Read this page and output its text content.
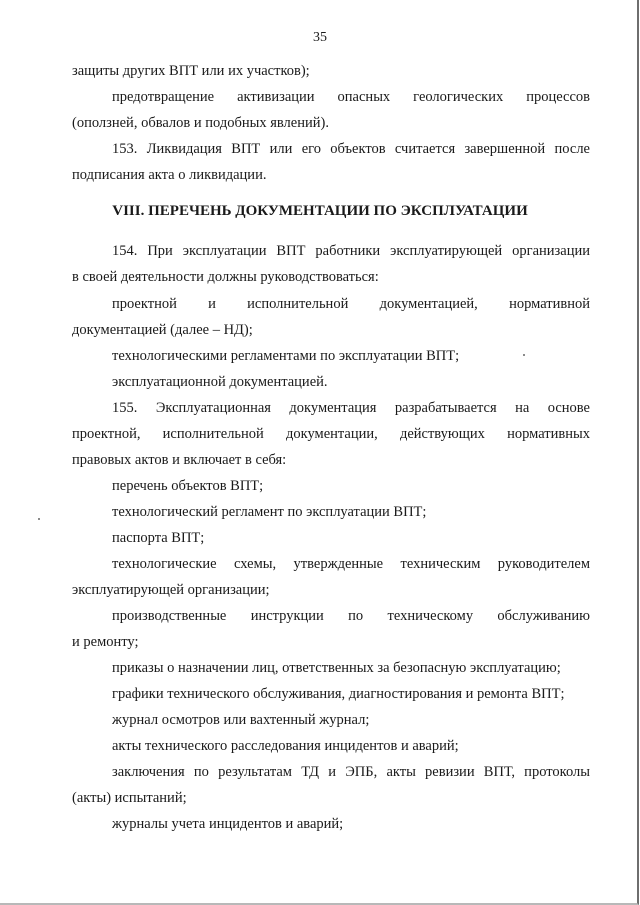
35
защиты других ВПТ или их участков);
предотвращение активизации опасных геологических процессов
(оползней, обвалов и подобных явлений).
153. Ликвидация ВПТ или его объектов считается завершенной после
подписания акта о ликвидации.
VIII. ПЕРЕЧЕНЬ ДОКУМЕНТАЦИИ ПО ЭКСПЛУАТАЦИИ
154. При эксплуатации ВПТ работники эксплуатирующей организации
в своей деятельности должны руководствоваться:
проектной и исполнительной документацией, нормативной
документацией (далее – НД);
технологическими регламентами по эксплуатации ВПТ;
эксплуатационной документацией.
155. Эксплуатационная документация разрабатывается на основе
проектной, исполнительной документации, действующих нормативных
правовых актов и включает в себя:
перечень объектов ВПТ;
технологический регламент по эксплуатации ВПТ;
паспорта ВПТ;
технологические схемы, утвержденные техническим руководителем
эксплуатирующей организации;
производственные инструкции по техническому обслуживанию
и ремонту;
приказы о назначении лиц, ответственных за безопасную эксплуатацию;
графики технического обслуживания, диагностирования и ремонта ВПТ;
журнал осмотров или вахтенный журнал;
акты технического расследования инцидентов и аварий;
заключения по результатам ТД и ЭПБ, акты ревизии ВПТ, протоколы
(акты) испытаний;
журналы учета инцидентов и аварий;
